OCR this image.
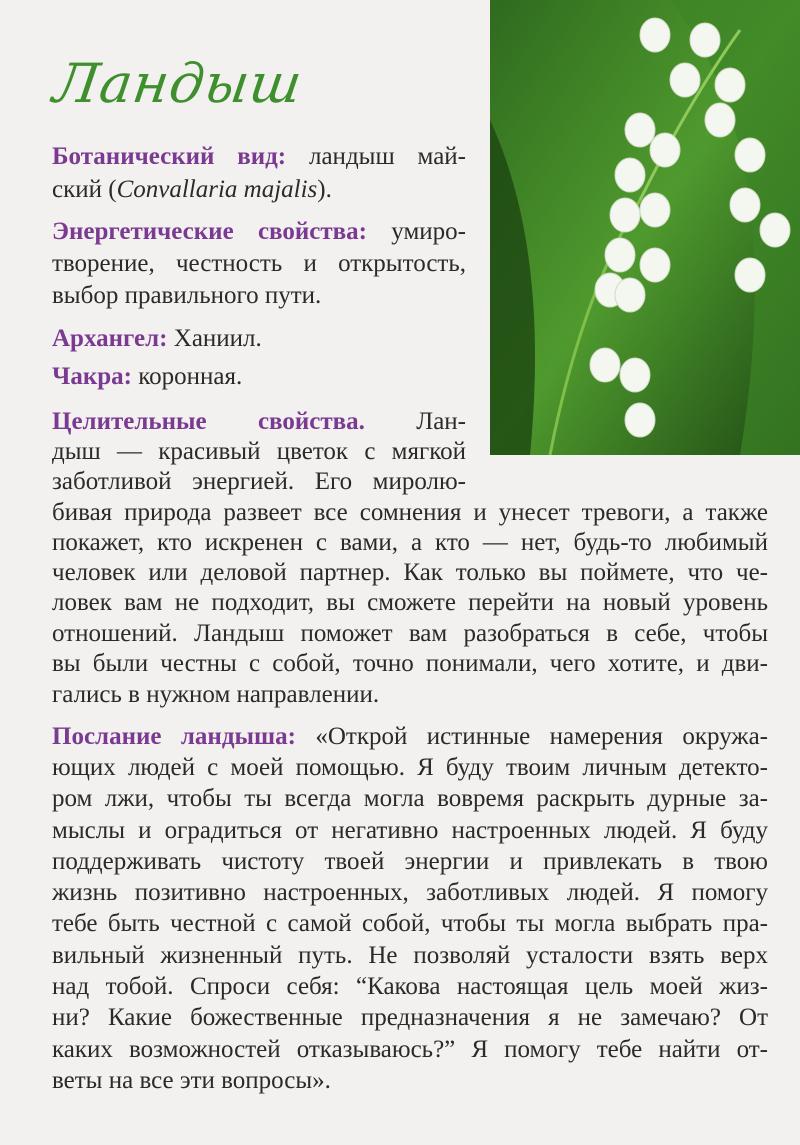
Ландыш
Ботанический вид: ландыш май-
ский (Convallaria majalis).
Энергетические свойства: умиро-
творение, честность и открытость,
выбор правильного пути.
Архангел: Ханиил.
Чакра: коронная.
Целительные свойства. Лан-
дыш — красивый цветок с мягкой
заботливой энергией. Его миролю-
бивая природа развеет все сомнения и унесет тревоги, а также
покажет, кто искренен с вами, а кто — нет, будь-то любимый
человек или деловой партнер. Как только вы поймете, что че-
ловек вам не подходит, вы сможете перейти на новый уровень
отношений. Ландыш поможет вам разобраться в себе, чтобы
вы были честны с собой, точно понимали, чего хотите, и дви-
гались в нужном направлении.
Послание ландыша: «Открой истинные намерения окружа-
ющих людей с моей помощью. Я буду твоим личным детекто-
ром лжи, чтобы ты всегда могла вовремя раскрыть дурные за-
мыслы и оградиться от негативно настроенных людей. Я буду
поддерживать чистоту твоей энергии и привлекать в твою
жизнь позитивно настроенных, заботливых людей. Я помогу
тебе быть честной с самой собой, чтобы ты могла выбрать пра-
вильный жизненный путь. Не позволяй усталости взять верх
над тобой. Спроси себя: “Какова настоящая цель моей жиз-
ни? Какие божественные предназначения я не замечаю? От
каких возможностей отказываюсь?” Я помогу тебе найти от-
веты на все эти вопросы».
